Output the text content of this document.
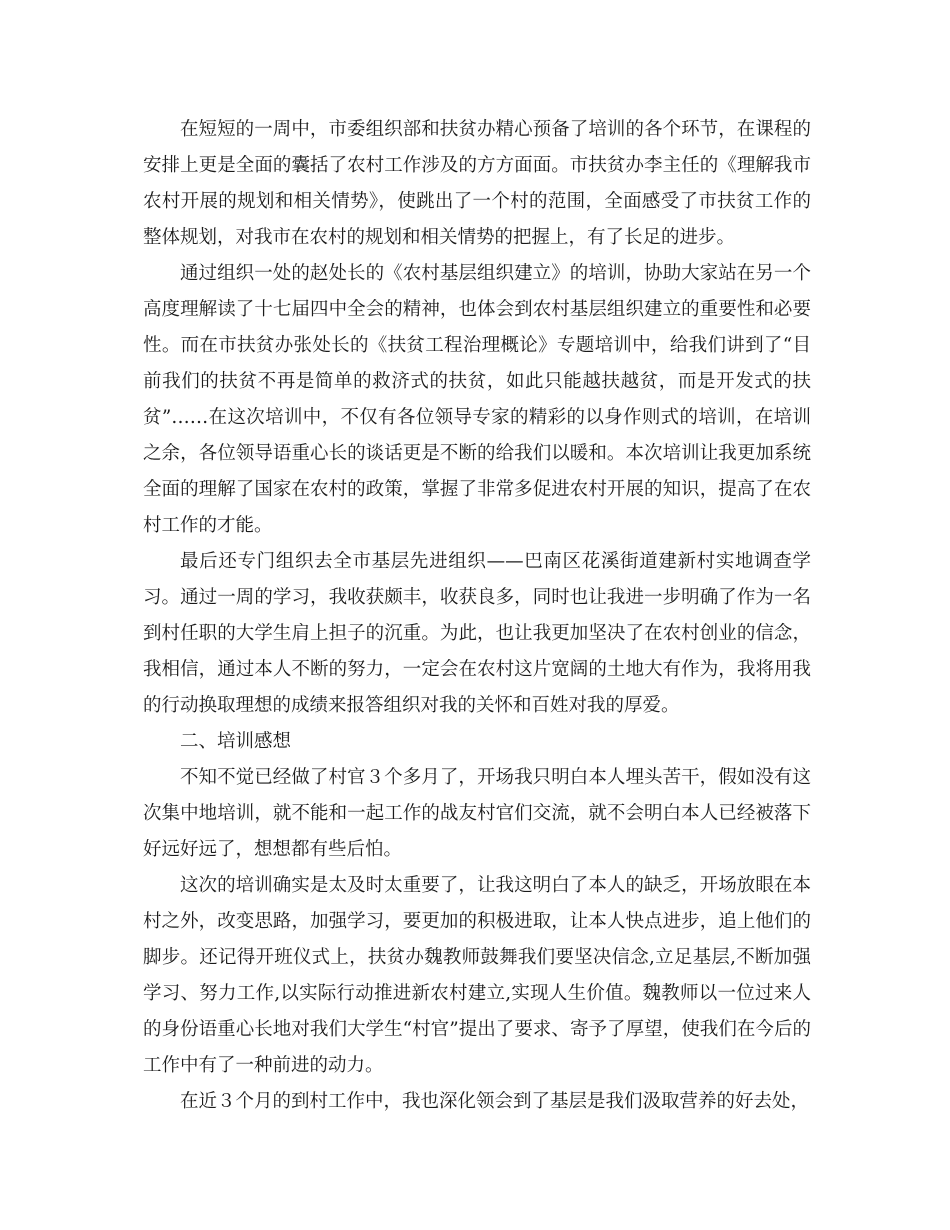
在短短的一周中，市委组织部和扶贫办精心预备了培训的各个环节，在课程的安排上更是全面的囊括了农村工作涉及的方方面面。市扶贫办李主任的《理解我市农村开展的规划和相关情势》，使跳出了一个村的范围，全面感受了市扶贫工作的整体规划，对我市在农村的规划和相关情势的把握上，有了长足的进步。

通过组织一处的赵处长的《农村基层组织建立》的培训，协助大家站在另一个高度理解读了十七届四中全会的精神，也体会到农村基层组织建立的重要性和必要性。而在市扶贫办张处长的《扶贫工程治理概论》专题培训中，给我们讲到了“目前我们的扶贫不再是简单的救济式的扶贫，如此只能越扶越贫，而是开发式的扶贫”……在这次培训中，不仅有各位领导专家的精彩的以身作则式的培训，在培训之余，各位领导语重心长的谈话更是不断的给我们以暖和。本次培训让我更加系统全面的理解了国家在农村的政策，掌握了非常多促进农村开展的知识，提高了在农村工作的才能。

最后还专门组织去全市基层先进组织——巴南区花溪街道建新村实地调查学习。通过一周的学习，我收获颇丰，收获良多，同时也让我进一步明确了作为一名到村任职的大学生肩上担子的沉重。为此，也让我更加坚决了在农村创业的信念，我相信，通过本人不断的努力，一定会在农村这片宽阔的土地大有作为，我将用我的行动换取理想的成绩来报答组织对我的关怀和百姓对我的厚爱。

二、培训感想

不知不觉已经做了村官３个多月了，开场我只明白本人埋头苦干，假如没有这次集中地培训，就不能和一起工作的战友村官们交流，就不会明白本人已经被落下好远好远了，想想都有些后怕。

这次的培训确实是太及时太重要了，让我这明白了本人的缺乏，开场放眼在本村之外，改变思路，加强学习，要更加的积极进取，让本人快点进步，追上他们的脚步。还记得开班仪式上，扶贫办魏教师鼓舞我们要坚决信念,立足基层,不断加强学习、努力工作,以实际行动推进新农村建立,实现人生价值。魏教师以一位过来人的身份语重心长地对我们大学生“村官”提出了要求、寄予了厚望，使我们在今后的工作中有了一种前进的动力。

在近３个月的到村工作中，我也深化领会到了基层是我们汲取营养的好去处，
